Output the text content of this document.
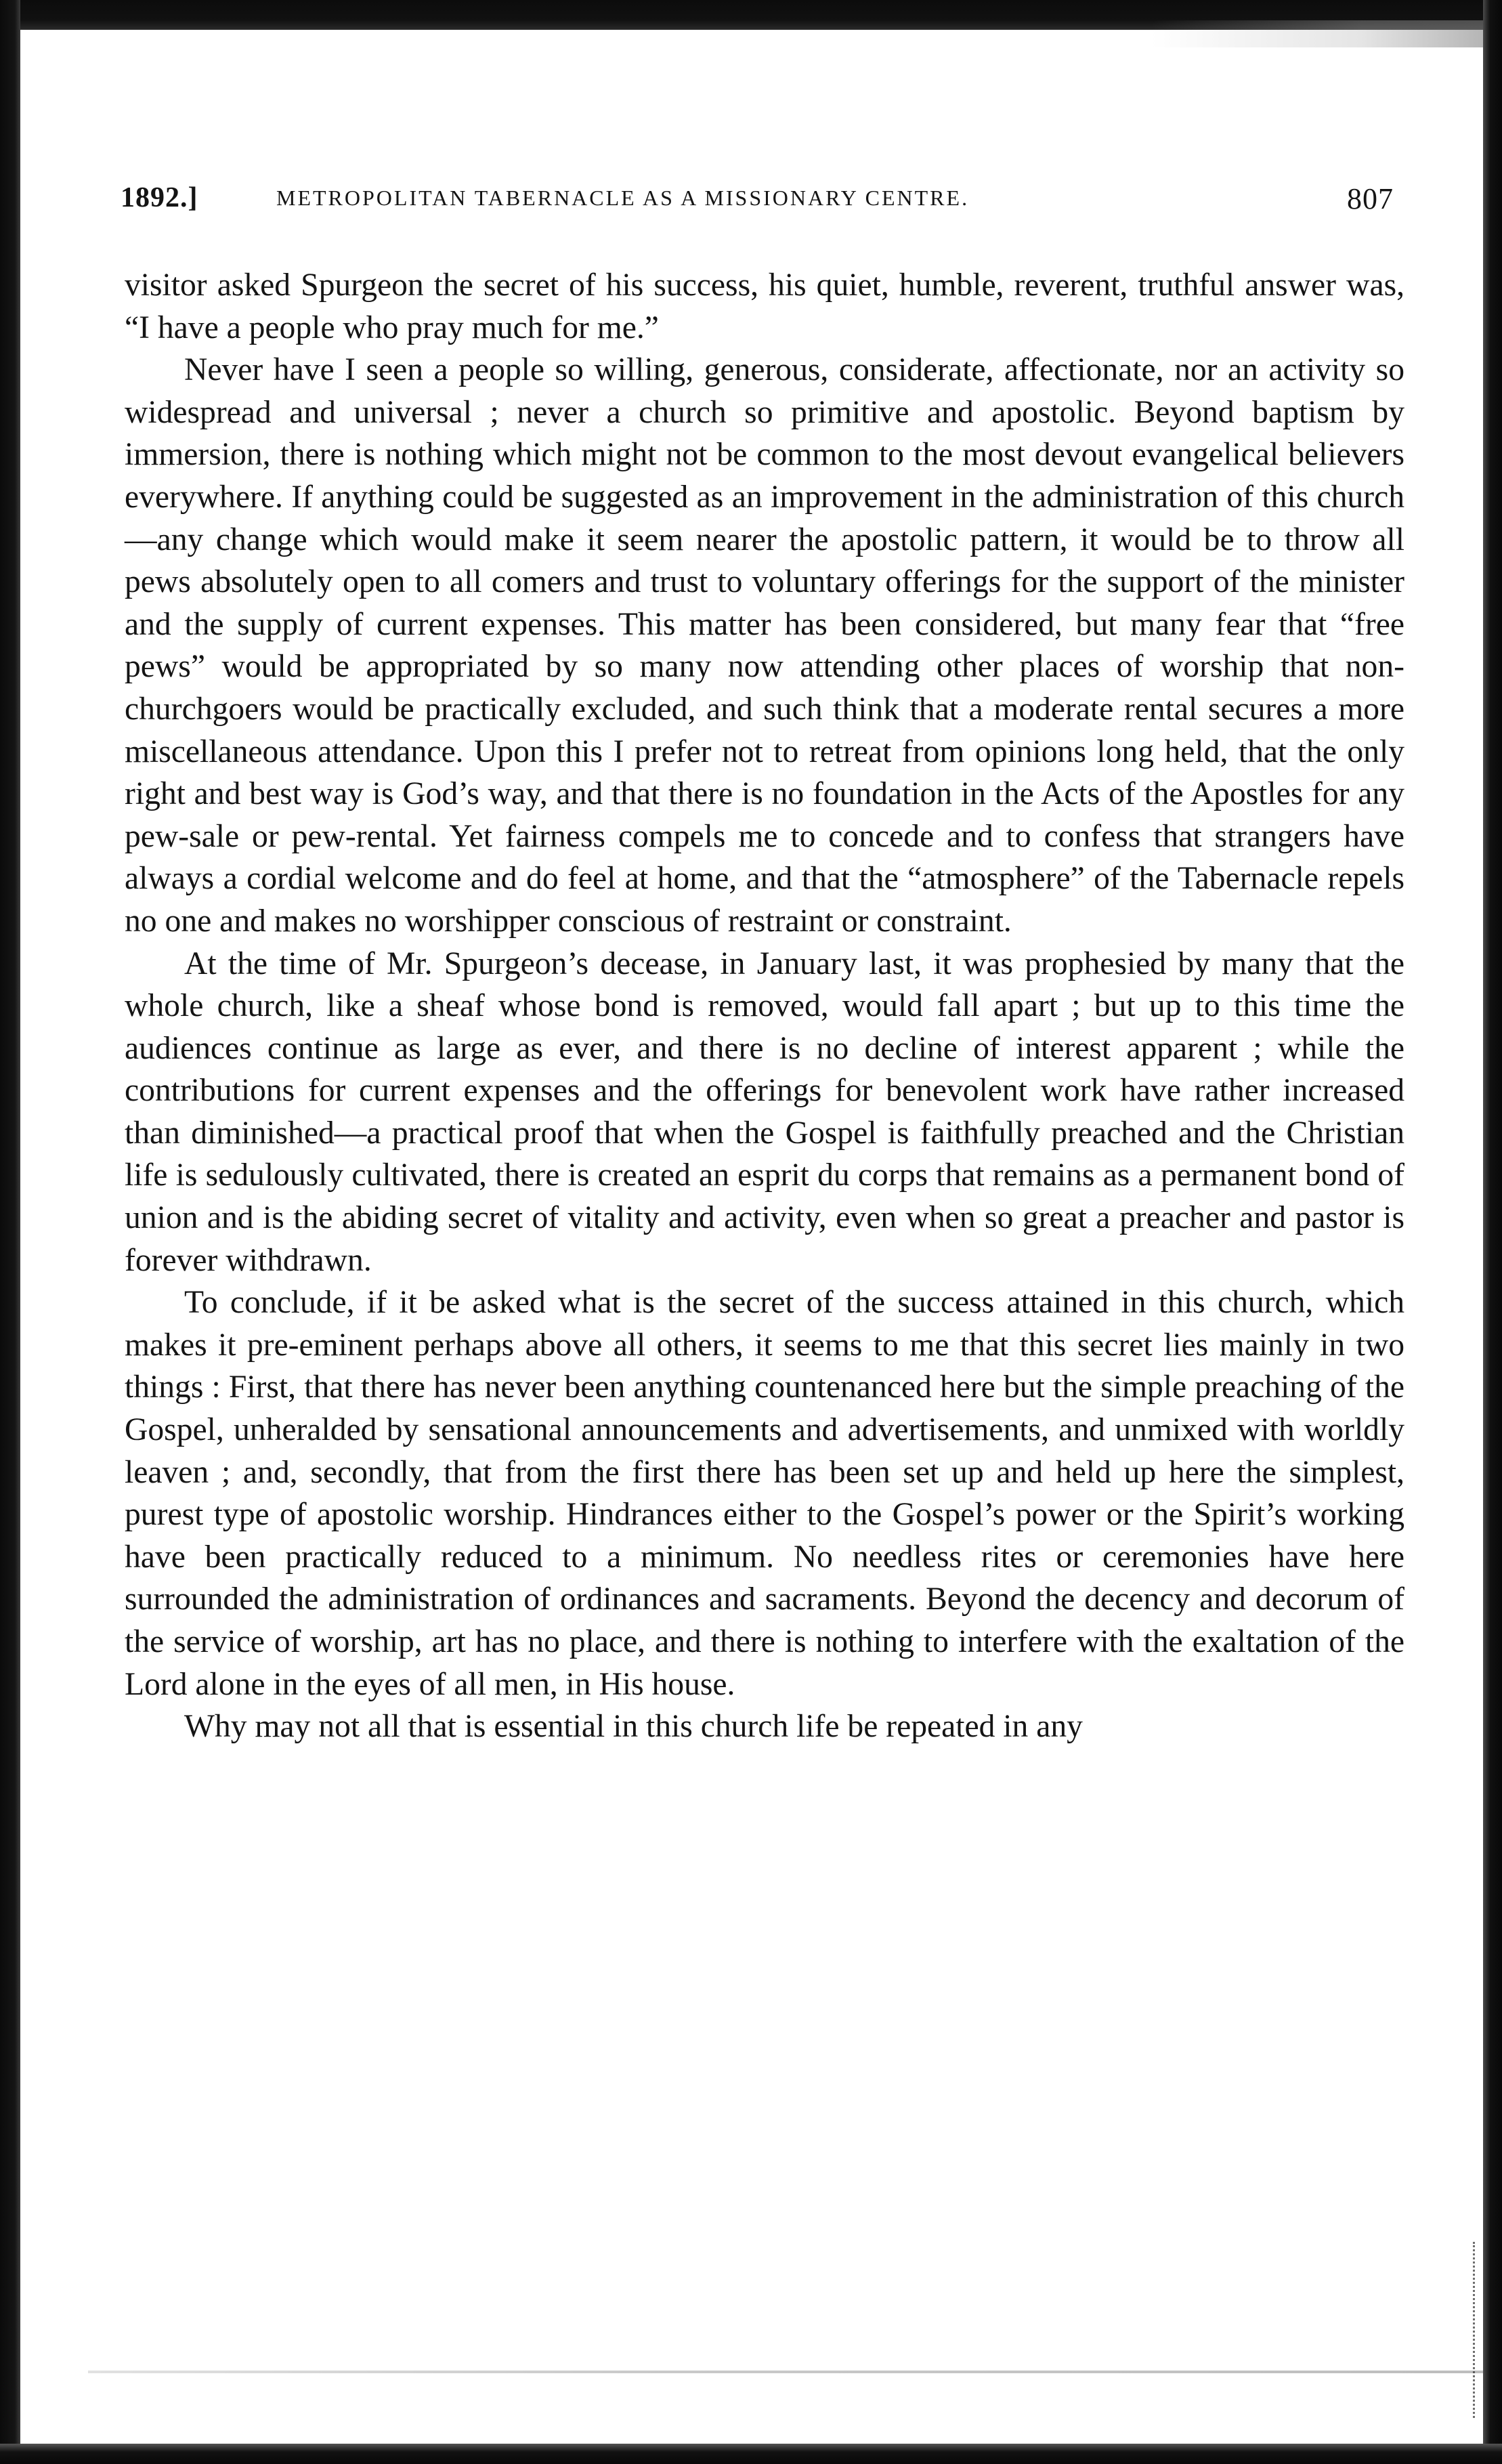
1892.]	METROPOLITAN TABERNACLE AS A MISSIONARY CENTRE.	807

visitor asked Spurgeon the secret of his success, his quiet, humble, reverent, truthful answer was, “I have a people who pray much for me.”

Never have I seen a people so willing, generous, considerate, affectionate, nor an activity so widespread and universal ; never a church so primitive and apostolic. Beyond baptism by immersion, there is nothing which might not be common to the most devout evangelical believers everywhere. If anything could be suggested as an improvement in the administration of this church—any change which would make it seem nearer the apostolic pattern, it would be to throw all pews absolutely open to all comers and trust to voluntary offerings for the support of the minister and the supply of current expenses. This matter has been considered, but many fear that “free pews” would be appropriated by so many now attending other places of worship that non-churchgoers would be practically excluded, and such think that a moderate rental secures a more miscellaneous attendance. Upon this I prefer not to retreat from opinions long held, that the only right and best way is God’s way, and that there is no foundation in the Acts of the Apostles for any pew-sale or pew-rental. Yet fairness compels me to concede and to confess that strangers have always a cordial welcome and do feel at home, and that the “atmosphere” of the Tabernacle repels no one and makes no worshipper conscious of restraint or constraint.

At the time of Mr. Spurgeon’s decease, in January last, it was prophesied by many that the whole church, like a sheaf whose bond is removed, would fall apart ; but up to this time the audiences continue as large as ever, and there is no decline of interest apparent ; while the contributions for current expenses and the offerings for benevolent work have rather increased than diminished—a practical proof that when the Gospel is faithfully preached and the Christian life is sedulously cultivated, there is created an esprit du corps that remains as a permanent bond of union and is the abiding secret of vitality and activity, even when so great a preacher and pastor is forever withdrawn.

To conclude, if it be asked what is the secret of the success attained in this church, which makes it pre-eminent perhaps above all others, it seems to me that this secret lies mainly in two things : First, that there has never been anything countenanced here but the simple preaching of the Gospel, unheralded by sensational announcements and advertisements, and unmixed with worldly leaven ; and, secondly, that from the first there has been set up and held up here the simplest, purest type of apostolic worship. Hindrances either to the Gospel’s power or the Spirit’s working have been practically reduced to a minimum. No needless rites or ceremonies have here surrounded the administration of ordinances and sacraments. Beyond the decency and decorum of the service of worship, art has no place, and there is nothing to interfere with the exaltation of the Lord alone in the eyes of all men, in His house.

Why may not all that is essential in this church life be repeated in any
